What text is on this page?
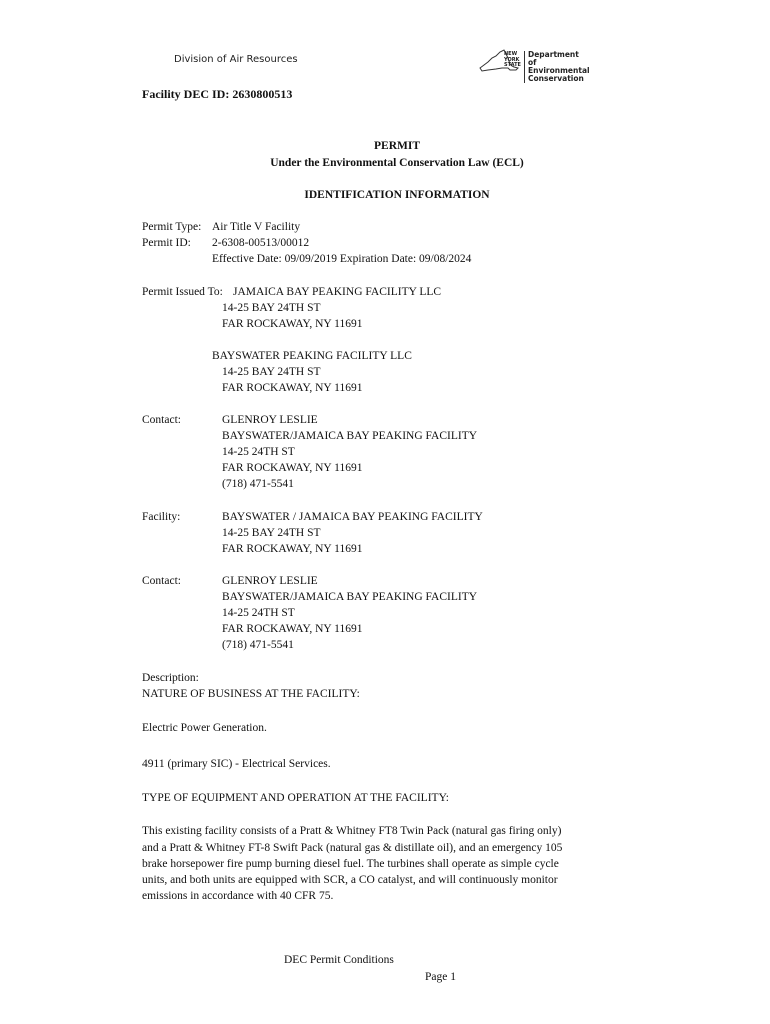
Division of Air Resources	NEW
YORK
STATE
Department of
Environmental
Conservation
Facility DEC ID: 2630800513
PERMIT
Under the Environmental Conservation Law (ECL)
IDENTIFICATION INFORMATION
Permit Type: Air Title V Facility
Permit ID: 2-6308-00513/00012
Effective Date: 09/09/2019 Expiration Date: 09/08/2024
Permit Issued To: JAMAICA BAY PEAKING FACILITY LLC
14-25 BAY 24TH ST
FAR ROCKAWAY, NY 11691
BAYSWATER PEAKING FACILITY LLC
14-25 BAY 24TH ST
FAR ROCKAWAY, NY 11691
Contact:	GLENROY LESLIE
BAYSWATER/JAMAICA BAY PEAKING FACILITY
14-25 24TH ST
FAR ROCKAWAY, NY 11691
(718) 471-5541
Facility:	BAYSWATER / JAMAICA BAY PEAKING FACILITY
14-25 BAY 24TH ST
FAR ROCKAWAY, NY 11691
Contact:	GLENROY LESLIE
BAYSWATER/JAMAICA BAY PEAKING FACILITY
14-25 24TH ST
FAR ROCKAWAY, NY 11691
(718) 471-5541
Description:
NATURE OF BUSINESS AT THE FACILITY:
Electric Power Generation.
4911 (primary SIC) - Electrical Services.
TYPE OF EQUIPMENT AND OPERATION AT THE FACILITY:
This existing facility consists of a Pratt & Whitney FT8 Twin Pack (natural gas firing only)
and a Pratt & Whitney FT-8 Swift Pack (natural gas & distillate oil), and an emergency 105
brake horsepower fire pump burning diesel fuel. The turbines shall operate as simple cycle
units, and both units are equipped with SCR, a CO catalyst, and will continuously monitor
emissions in accordance with 40 CFR 75.
DEC Permit Conditions
Page 1
